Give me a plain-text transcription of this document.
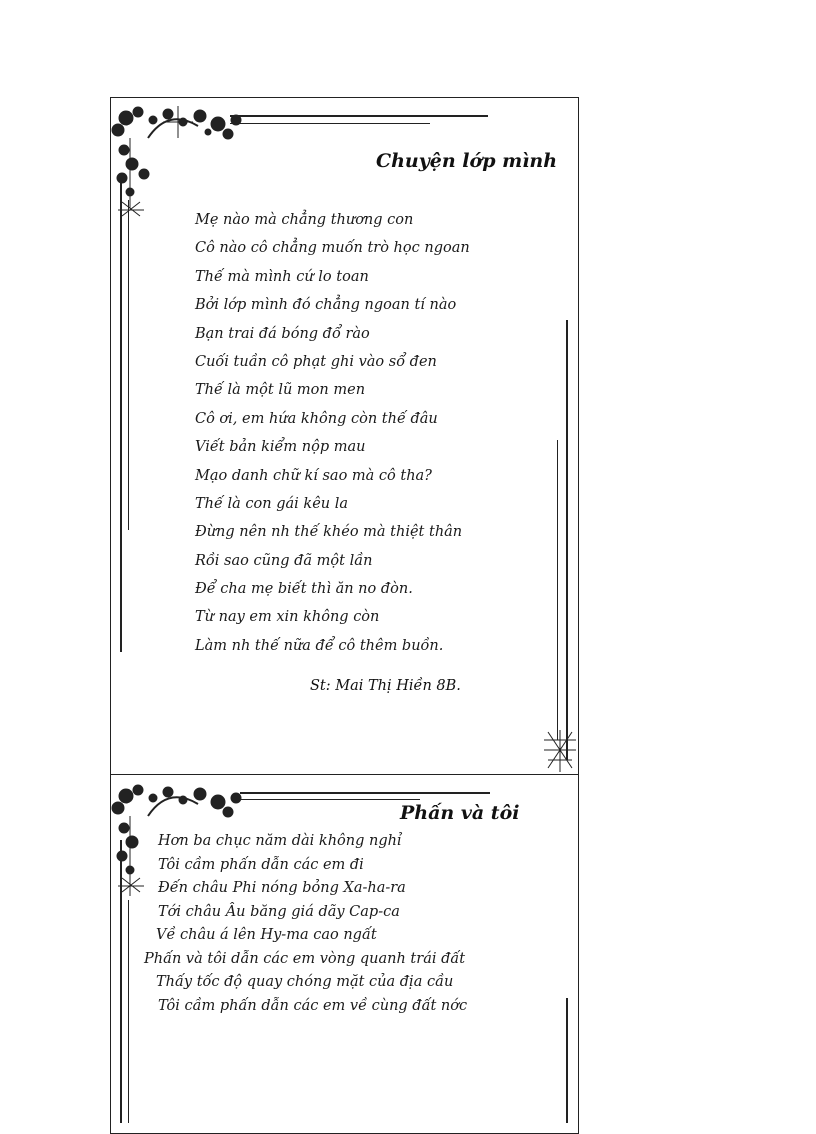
Chuyện lớp mình
Mẹ nào mà chẳng thương con
Cô nào cô chẳng muốn trò học ngoan
Thế mà mình cứ lo toan
Bởi lớp mình đó chẳng ngoan tí nào
Bạn trai đá bóng đổ rào
Cuối tuần cô phạt ghi vào sổ đen
Thế là một lũ mon men
Cô ơi, em hứa không còn thế đâu
Viết bản kiểm nộp mau
Mạo danh chữ kí sao mà cô tha?
Thế là con gái kêu la
Đừng nên nh thế khéo mà thiệt thân
Rồi sao cũng đã một lần
Để cha mẹ biết thì ăn no đòn.
Từ nay em xin không còn
Làm nh thế nữa để cô thêm buồn.
St: Mai Thị Hiền 8B.
Phấn và tôi
Hơn ba chục năm dài không nghỉ
Tôi cầm phấn dẫn các em đi
Đến châu Phi nóng bỏng Xa-ha-ra
Tới châu Âu băng giá dãy Cap-ca
Về châu á lên Hy-ma cao ngất
Phấn và tôi dẫn các em vòng quanh trái đất
Thấy tốc độ quay chóng mặt của địa cầu
Tôi cầm phấn dẫn các em về cùng đất nớc
